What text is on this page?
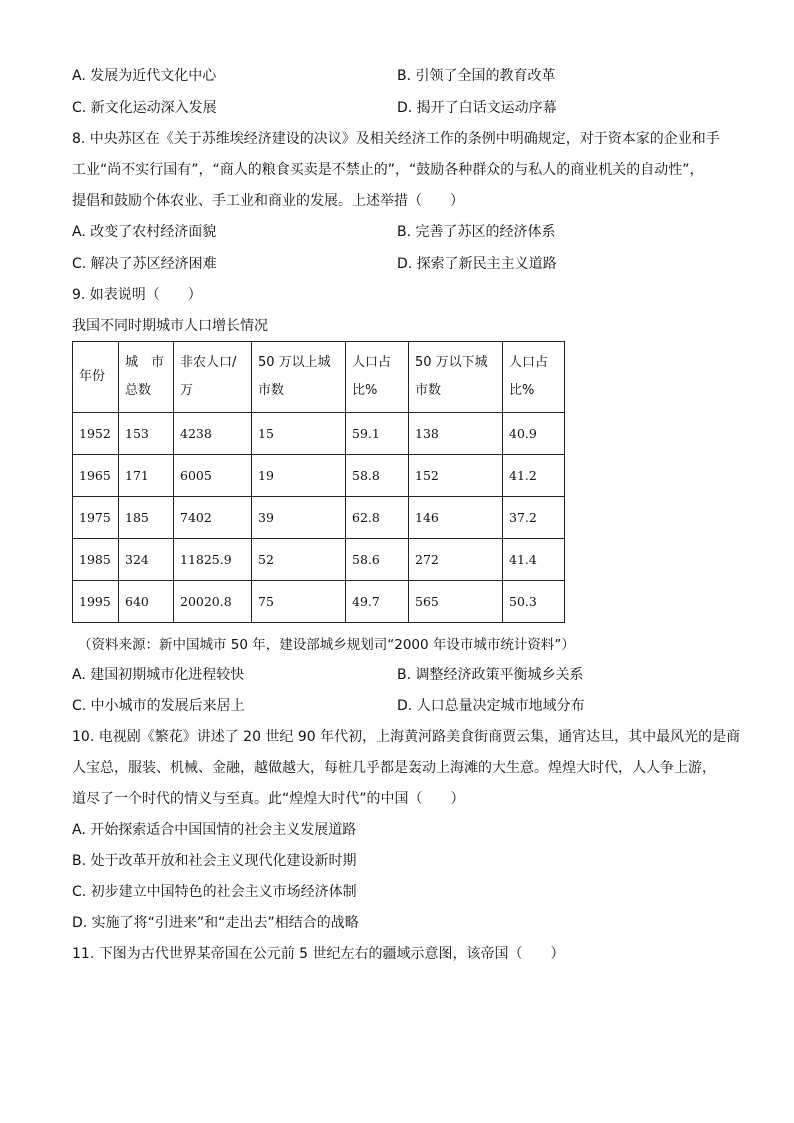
A. 发展为近代文化中心	B. 引领了全国的教育改革
C. 新文化运动深入发展	D. 揭开了白话文运动序幕
8. 中央苏区在《关于苏维埃经济建设的决议》及相关经济工作的条例中明确规定，对于资本家的企业和手
工业“尚不实行国有”，“商人的粮食买卖是不禁止的”，“鼓励各种群众的与私人的商业机关的自动性”，
提倡和鼓励个体农业、手工业和商业的发展。上述举措（　　）
A. 改变了农村经济面貌	B. 完善了苏区的经济体系
C. 解决了苏区经济困难	D. 探索了新民主主义道路
9. 如表说明（　　）
我国不同时期城市人口增长情况
年份	城　市总数	非农人口/万	50 万以上城市数	人口占比%	50 万以下城市数	人口占比%
1952	153	4238	15	59.1	138	40.9
1965	171	6005	19	58.8	152	41.2
1975	185	7402	39	62.8	146	37.2
1985	324	11825.9	52	58.6	272	41.4
1995	640	20020.8	75	49.7	565	50.3
（资料来源：新中国城市 50 年，建设部城乡规划司“2000 年设市城市统计资料”）
A. 建国初期城市化进程较快	B. 调整经济政策平衡城乡关系
C. 中小城市的发展后来居上	D. 人口总量决定城市地域分布
10. 电视剧《繁花》讲述了 20 世纪 90 年代初，上海黄河路美食街商贾云集，通宵达旦，其中最风光的是商
人宝总，服装、机械、金融，越做越大，每桩几乎都是轰动上海滩的大生意。煌煌大时代，人人争上游，
道尽了一个时代的情义与至真。此“煌煌大时代”的中国（　　）
A. 开始探索适合中国国情的社会主义发展道路
B. 处于改革开放和社会主义现代化建设新时期
C. 初步建立中国特色的社会主义市场经济体制
D. 实施了将“引进来”和“走出去”相结合的战略
11. 下图为古代世界某帝国在公元前 5 世纪左右的疆域示意图，该帝国（　　）
